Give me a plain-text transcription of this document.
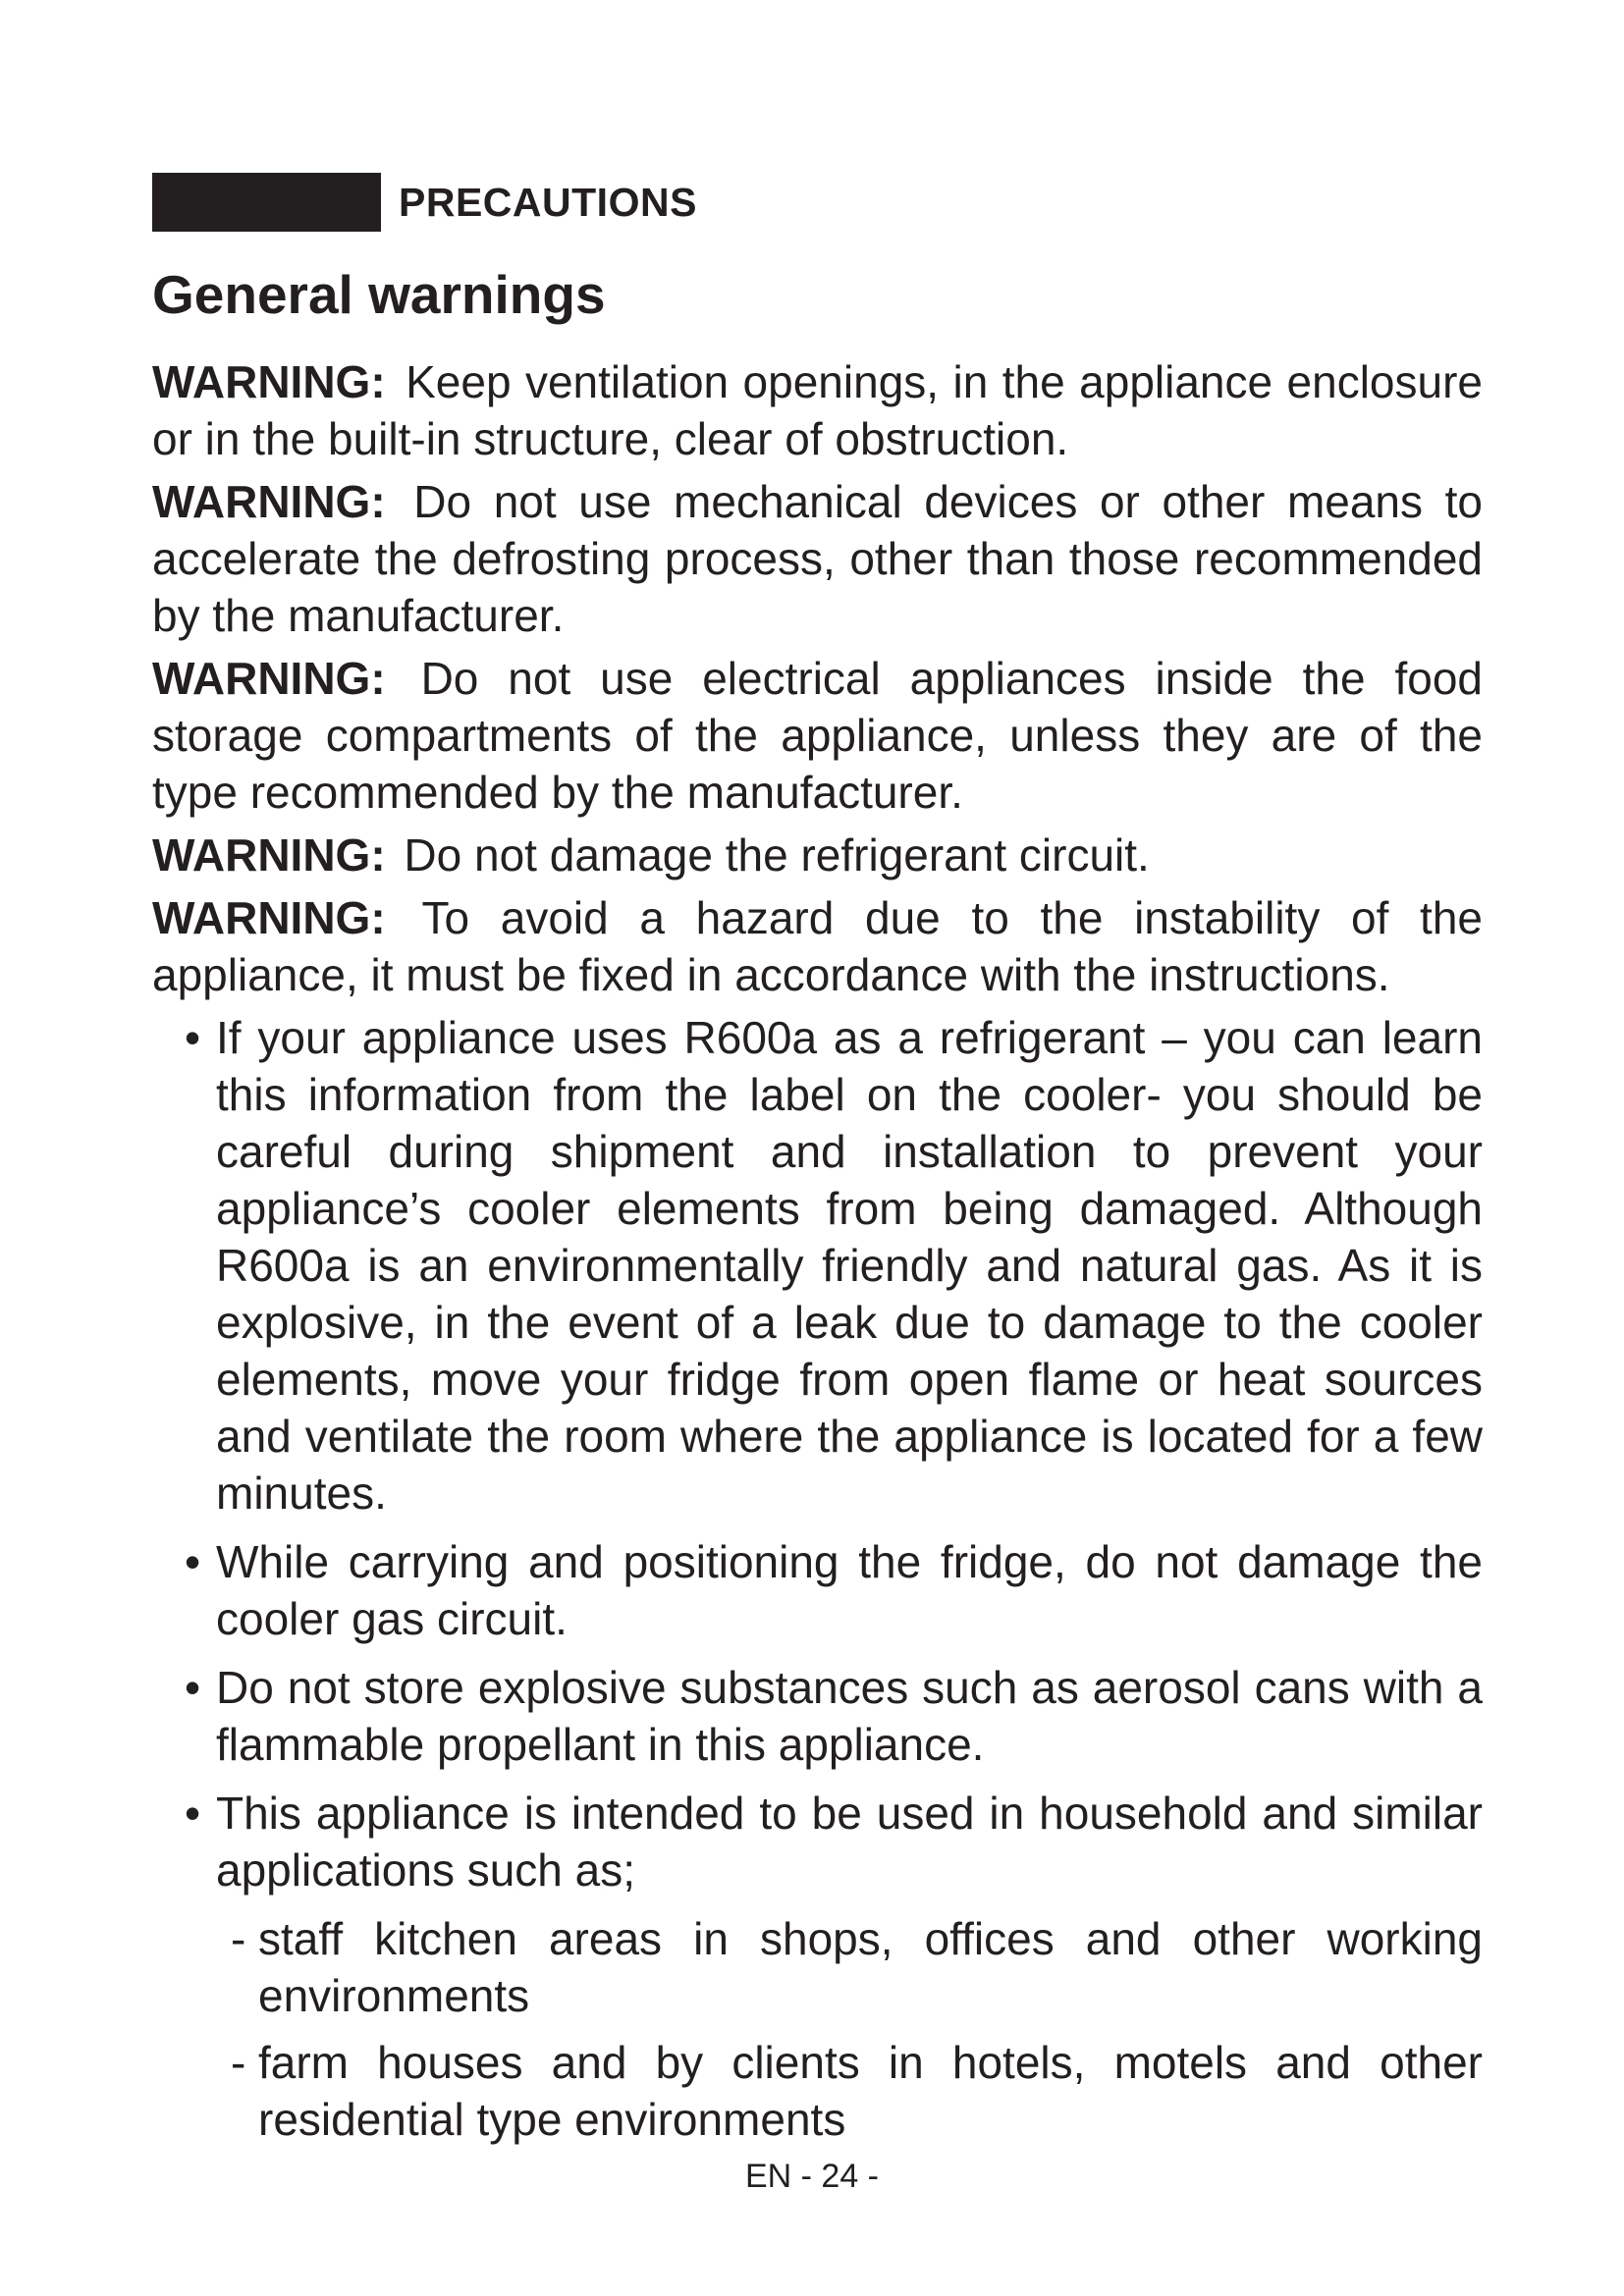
PRECAUTIONS
General warnings

WARNING: Keep ventilation openings, in the appliance enclosure or in the built-in structure, clear of obstruction.

WARNING: Do not use mechanical devices or other means to accelerate the defrosting process, other than those recommended by the manufacturer.

WARNING: Do not use electrical appliances inside the food storage compartments of the appliance, unless they are of the type recommended by the manufacturer.

WARNING: Do not damage the refrigerant circuit.

WARNING: To avoid a hazard due to the instability of the appliance, it must be fixed in accordance with the instructions.

• If your appliance uses R600a as a refrigerant – you can learn this information from the label on the cooler- you should be careful during shipment and installation to prevent your appliance’s cooler elements from being damaged. Although R600a is an environmentally friendly and natural gas. As it is explosive, in the event of a leak due to damage to the cooler elements, move your fridge from open flame or heat sources and ventilate the room where the appliance is located for a few minutes.
• While carrying and positioning the fridge, do not damage the cooler gas circuit.
• Do not store explosive substances such as aerosol cans with a flammable propellant in this appliance.
• This appliance is intended to be used in household and similar applications such as;
- staff kitchen areas in shops, offices and other working environments
- farm houses and by clients in hotels, motels and other residential type environments
EN - 24 -
